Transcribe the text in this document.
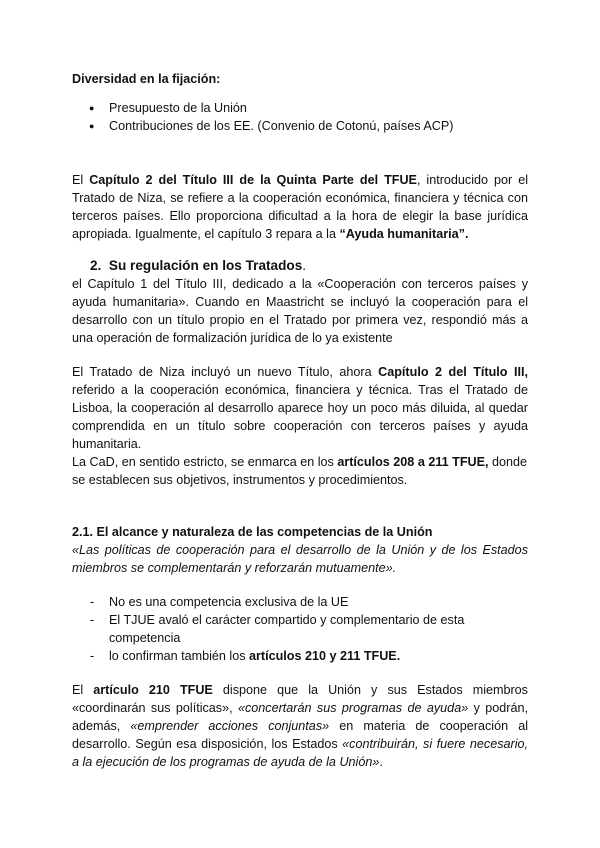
Diversidad en la fijación:

● Presupuesto de la Unión
● Contribuciones de los EE. (Convenio de Cotonú, países ACP)

El Capítulo 2 del Título III de la Quinta Parte del TFUE, introducido por el Tratado de Niza, se refiere a la cooperación económica, financiera y técnica con terceros países. Ello proporciona dificultad a la hora de elegir la base jurídica apropiada. Igualmente, el capítulo 3 repara a la “Ayuda humanitaria”.

2. Su regulación en los Tratados.

el Capítulo 1 del Título III, dedicado a la «Cooperación con terceros países y ayuda humanitaria». Cuando en Maastricht se incluyó la cooperación para el desarrollo con un título propio en el Tratado por primera vez, respondió más a una operación de formalización jurídica de lo ya existente

El Tratado de Niza incluyó un nuevo Título, ahora Capítulo 2 del Título III, referido a la cooperación económica, financiera y técnica. Tras el Tratado de Lisboa, la cooperación al desarrollo aparece hoy un poco más diluida, al quedar comprendida en un título sobre cooperación con terceros países y ayuda humanitaria.

La CaD, en sentido estricto, se enmarca en los artículos 208 a 211 TFUE, donde se establecen sus objetivos, instrumentos y procedimientos.

2.1. El alcance y naturaleza de las competencias de la Unión

«Las políticas de cooperación para el desarrollo de la Unión y de los Estados miembros se complementarán y reforzarán mutuamente».

- No es una competencia exclusiva de la UE
- El TJUE avaló el carácter compartido y complementario de esta competencia
- lo confirman también los artículos 210 y 211 TFUE.

El artículo 210 TFUE dispone que la Unión y sus Estados miembros «coordinarán sus políticas», «concertarán sus programas de ayuda» y podrán, además, «emprender acciones conjuntas» en materia de cooperación al desarrollo. Según esa disposición, los Estados «contribuirán, si fuere necesario, a la ejecución de los programas de ayuda de la Unión».
